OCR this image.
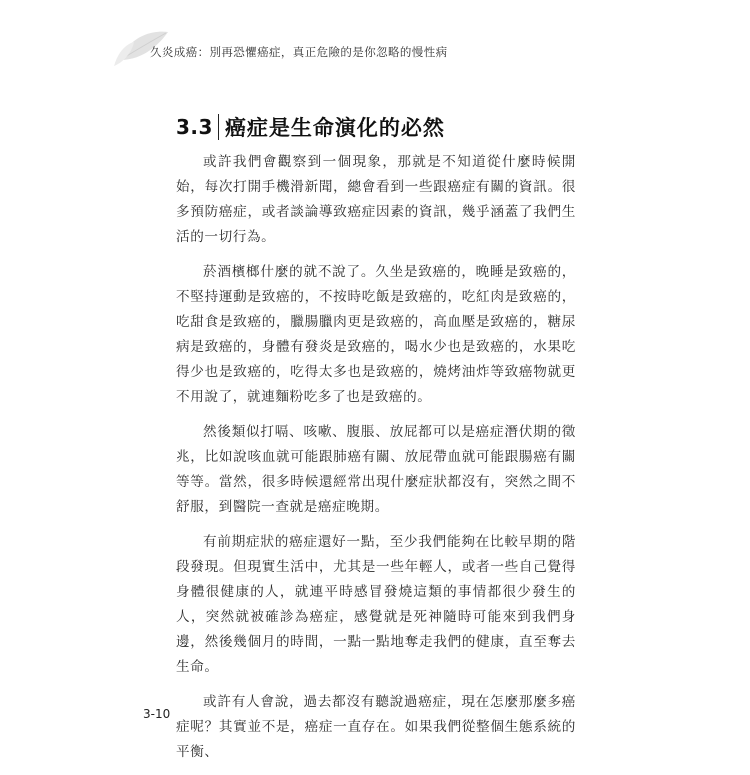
久炎成癌：別再恐懼癌症，真正危險的是你忽略的慢性病
3.3 癌症是生命演化的必然

或許我們會觀察到一個現象，那就是不知道從什麼時候開始，每次打開手機滑新聞，總會看到一些跟癌症有關的資訊。很多預防癌症，或者談論導致癌症因素的資訊，幾乎涵蓋了我們生活的一切行為。

菸酒檳榔什麼的就不說了。久坐是致癌的，晚睡是致癌的，不堅持運動是致癌的，不按時吃飯是致癌的，吃紅肉是致癌的，吃甜食是致癌的，臘腸臘肉更是致癌的，高血壓是致癌的，糖尿病是致癌的，身體有發炎是致癌的，喝水少也是致癌的，水果吃得少也是致癌的，吃得太多也是致癌的，燒烤油炸等致癌物就更不用說了，就連麵粉吃多了也是致癌的。

然後類似打嗝、咳嗽、腹脹、放屁都可以是癌症潛伏期的徵兆，比如說咳血就可能跟肺癌有關、放屁帶血就可能跟腸癌有關等等。當然，很多時候還經常出現什麼症狀都沒有，突然之間不舒服，到醫院一查就是癌症晚期。

有前期症狀的癌症還好一點，至少我們能夠在比較早期的階段發現。但現實生活中，尤其是一些年輕人，或者一些自己覺得身體很健康的人，就連平時感冒發燒這類的事情都很少發生的人，突然就被確診為癌症，感覺就是死神隨時可能來到我們身邊，然後幾個月的時間，一點一點地奪走我們的健康，直至奪去生命。

或許有人會說，過去都沒有聽說過癌症，現在怎麼那麼多癌症呢？其實並不是，癌症一直存在。如果我們從整個生態系統的平衡、

3-10
